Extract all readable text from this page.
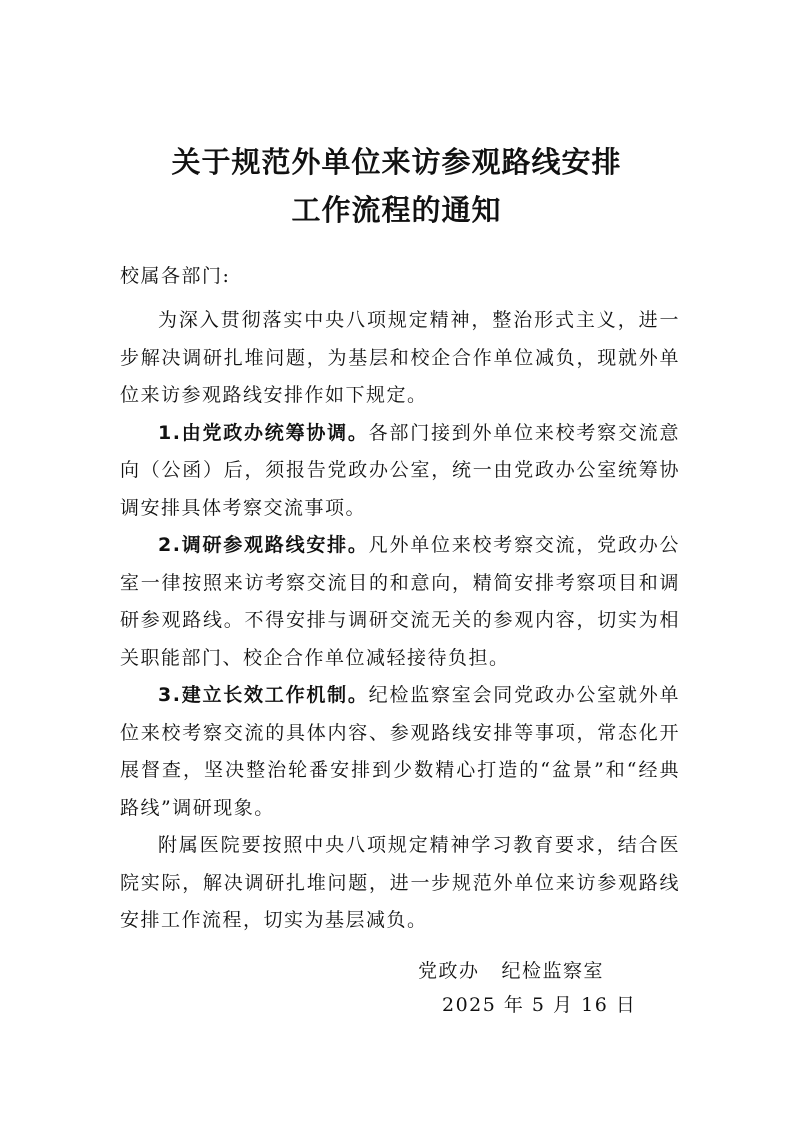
关于规范外单位来访参观路线安排
工作流程的通知
校属各部门:

为深入贯彻落实中央八项规定精神，整治形式主义，进一步解决调研扎堆问题，为基层和校企合作单位减负，现就外单位来访参观路线安排作如下规定。

1.由党政办统筹协调。各部门接到外单位来校考察交流意向（公函）后，须报告党政办公室，统一由党政办公室统筹协调安排具体考察交流事项。

2.调研参观路线安排。凡外单位来校考察交流，党政办公室一律按照来访考察交流目的和意向，精简安排考察项目和调研参观路线。不得安排与调研交流无关的参观内容，切实为相关职能部门、校企合作单位减轻接待负担。

3.建立长效工作机制。纪检监察室会同党政办公室就外单位来校考察交流的具体内容、参观路线安排等事项，常态化开展督查，坚决整治轮番安排到少数精心打造的“盆景”和“经典路线”调研现象。

附属医院要按照中央八项规定精神学习教育要求，结合医院实际，解决调研扎堆问题，进一步规范外单位来访参观路线安排工作流程，切实为基层减负。

党政办 纪检监察室
2025 年 5 月 16 日
